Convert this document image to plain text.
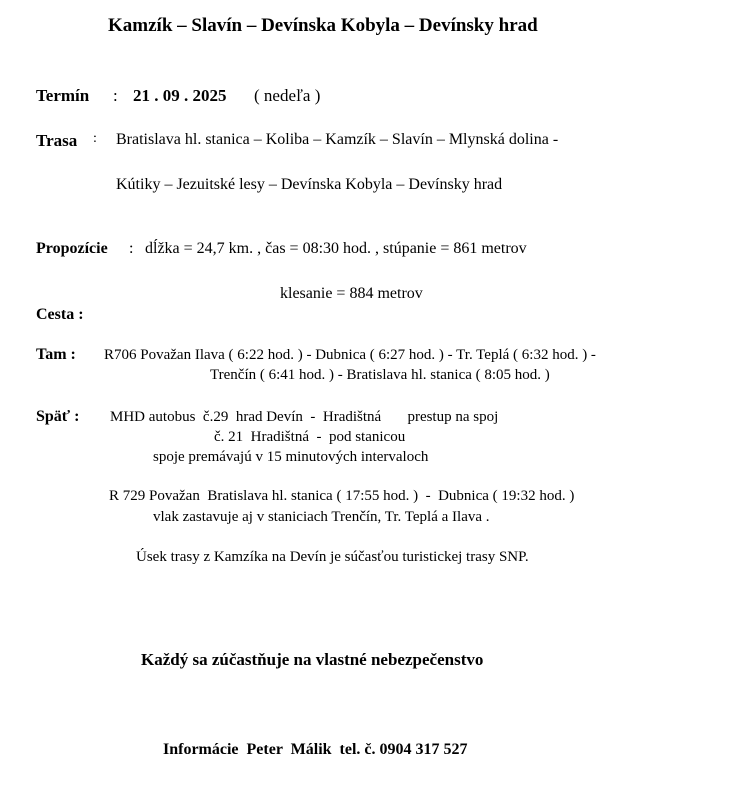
Kamzík – Slavín – Devínska Kobyla – Devínsky hrad
Termín : 21 . 09 . 2025 ( nedeľa )
Trasa : Bratislava hl. stanica – Koliba – Kamzík – Slavín – Mlynská dolina -
Kútiky – Jezuitské lesy – Devínska Kobyla – Devínsky hrad
Propozície : dĺžka = 24,7 km. , čas = 08:30 hod. , stúpanie = 861 metrov
klesanie = 884 metrov
Cesta :
Tam : R706 Považan Ilava ( 6:22 hod. ) - Dubnica ( 6:27 hod. ) - Tr. Teplá ( 6:32 hod. ) -
Trenčín ( 6:41 hod. ) - Bratislava hl. stanica ( 8:05 hod. )
Späť : MHD autobus  č.29  hrad Devín  -  Hradištná       prestup na spoj
č. 21  Hradištná  -  pod stanicou
spoje premávajú v 15 minutových intervaloch
R 729 Považan  Bratislava hl. stanica ( 17:55 hod. )  -  Dubnica ( 19:32 hod. )
vlak zastavuje aj v staniciach Trenčín, Tr. Teplá a Ilava .
Úsek trasy z Kamzíka na Devín je súčasťou turistickej trasy SNP.
Každý sa zúčastňuje na vlastné nebezpečenstvo
Informácie  Peter  Málik  tel. č. 0904 317 527
